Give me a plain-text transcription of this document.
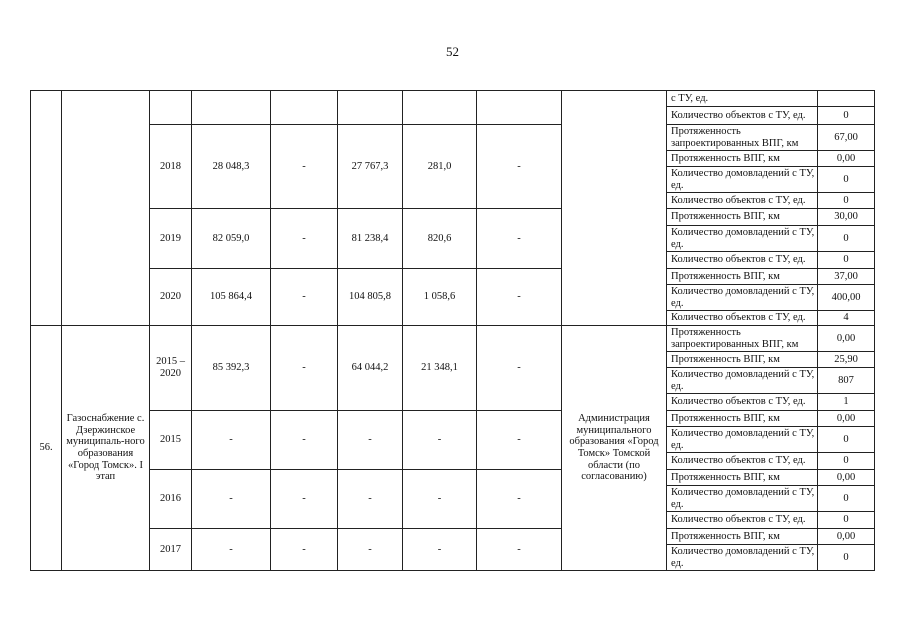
52
									с ТУ, ед.	
									Количество объектов с ТУ, ед.	0
		2018	28 048,3	-	27 767,3	281,0	-		Протяженность запроектированных ВПГ, км	67,00
									Протяженность ВПГ, км	0,00
									Количество домовладений с ТУ, ед.	0
									Количество объектов с ТУ, ед.	0
		2019	82 059,0	-	81 238,4	820,6	-		Протяженность ВПГ, км	30,00
									Количество домовладений с ТУ, ед.	0
									Количество объектов с ТУ, ед.	0
		2020	105 864,4	-	104 805,8	1 058,6	-		Протяженность ВПГ, км	37,00
									Количество домовладений с ТУ, ед.	400,00
									Количество объектов с ТУ, ед.	4
56.	Газоснабжение с. Дзержинское муниципаль-ного образования «Город Томск». I этап	2015 – 2020	85 392,3	-	64 044,2	21 348,1	-	Администрация муниципального образования «Город Томск» Томской области (по согласованию)	Протяженность запроектированных ВПГ, км	0,00
									Протяженность ВПГ, км	25,90
									Количество домовладений с ТУ, ед.	807
									Количество объектов с ТУ, ед.	1
		2015	-	-	-	-	-		Протяженность ВПГ, км	0,00
									Количество домовладений с ТУ, ед.	0
									Количество объектов с ТУ, ед.	0
		2016	-	-	-	-	-		Протяженность ВПГ, км	0,00
									Количество домовладений с ТУ, ед.	0
									Количество объектов с ТУ, ед.	0
		2017	-	-	-	-	-		Протяженность ВПГ, км	0,00
									Количество домовладений с ТУ, ед.	0
